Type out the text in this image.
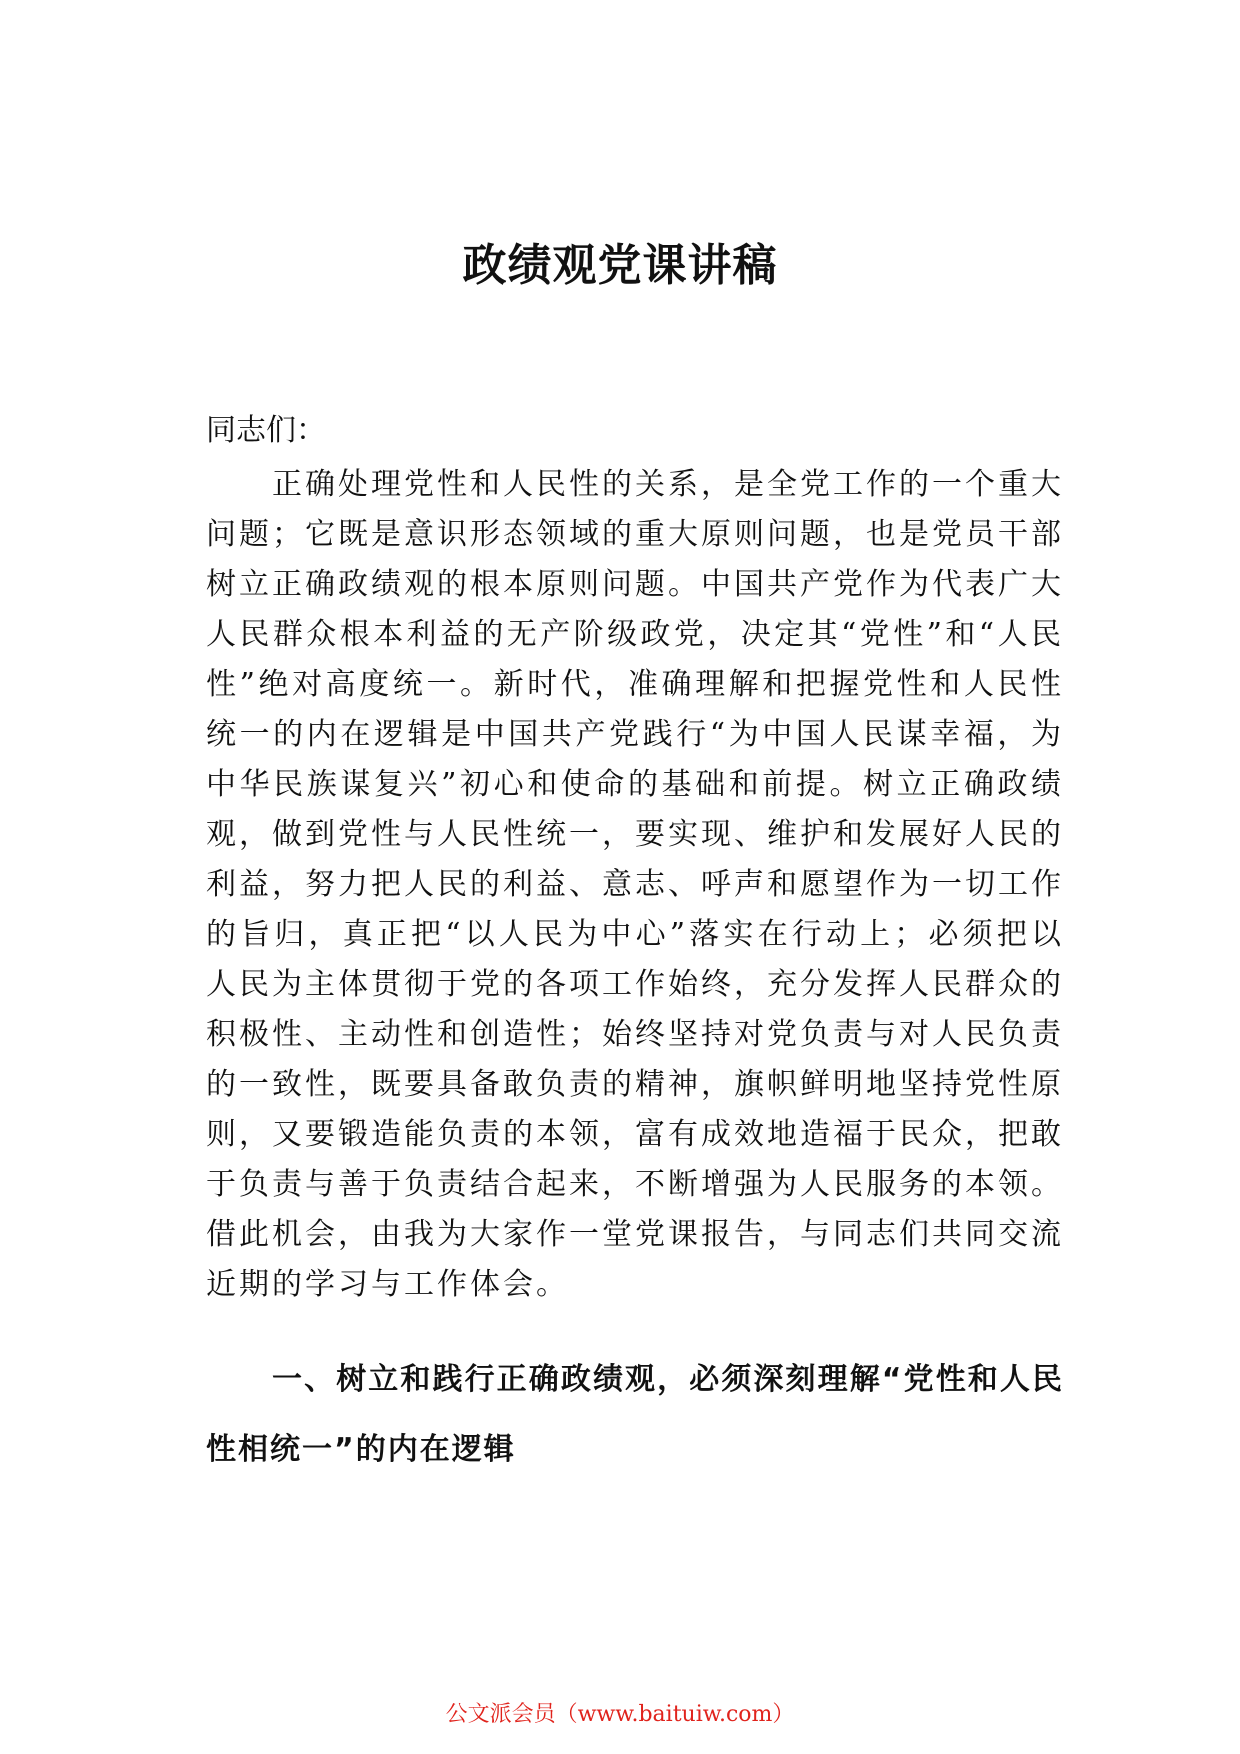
政绩观党课讲稿
同志们：

正确处理党性和人民性的关系，是全党工作的一个重大问题；它既是意识形态领域的重大原则问题，也是党员干部树立正确政绩观的根本原则问题。中国共产党作为代表广大人民群众根本利益的无产阶级政党，决定其“党性”和“人民性”绝对高度统一。新时代，准确理解和把握党性和人民性统一的内在逻辑是中国共产党践行“为中国人民谋幸福，为中华民族谋复兴”初心和使命的基础和前提。树立正确政绩观，做到党性与人民性统一，要实现、维护和发展好人民的利益，努力把人民的利益、意志、呼声和愿望作为一切工作的旨归，真正把“以人民为中心”落实在行动上；必须把以人民为主体贯彻于党的各项工作始终，充分发挥人民群众的积极性、主动性和创造性；始终坚持对党负责与对人民负责的一致性，既要具备敢负责的精神，旗帜鲜明地坚持党性原则，又要锻造能负责的本领，富有成效地造福于民众，把敢于负责与善于负责结合起来，不断增强为人民服务的本领。借此机会，由我为大家作一堂党课报告，与同志们共同交流近期的学习与工作体会。

一、树立和践行正确政绩观，必须深刻理解“党性和人民性相统一”的内在逻辑

公文派会员（www.baituiw.com）
